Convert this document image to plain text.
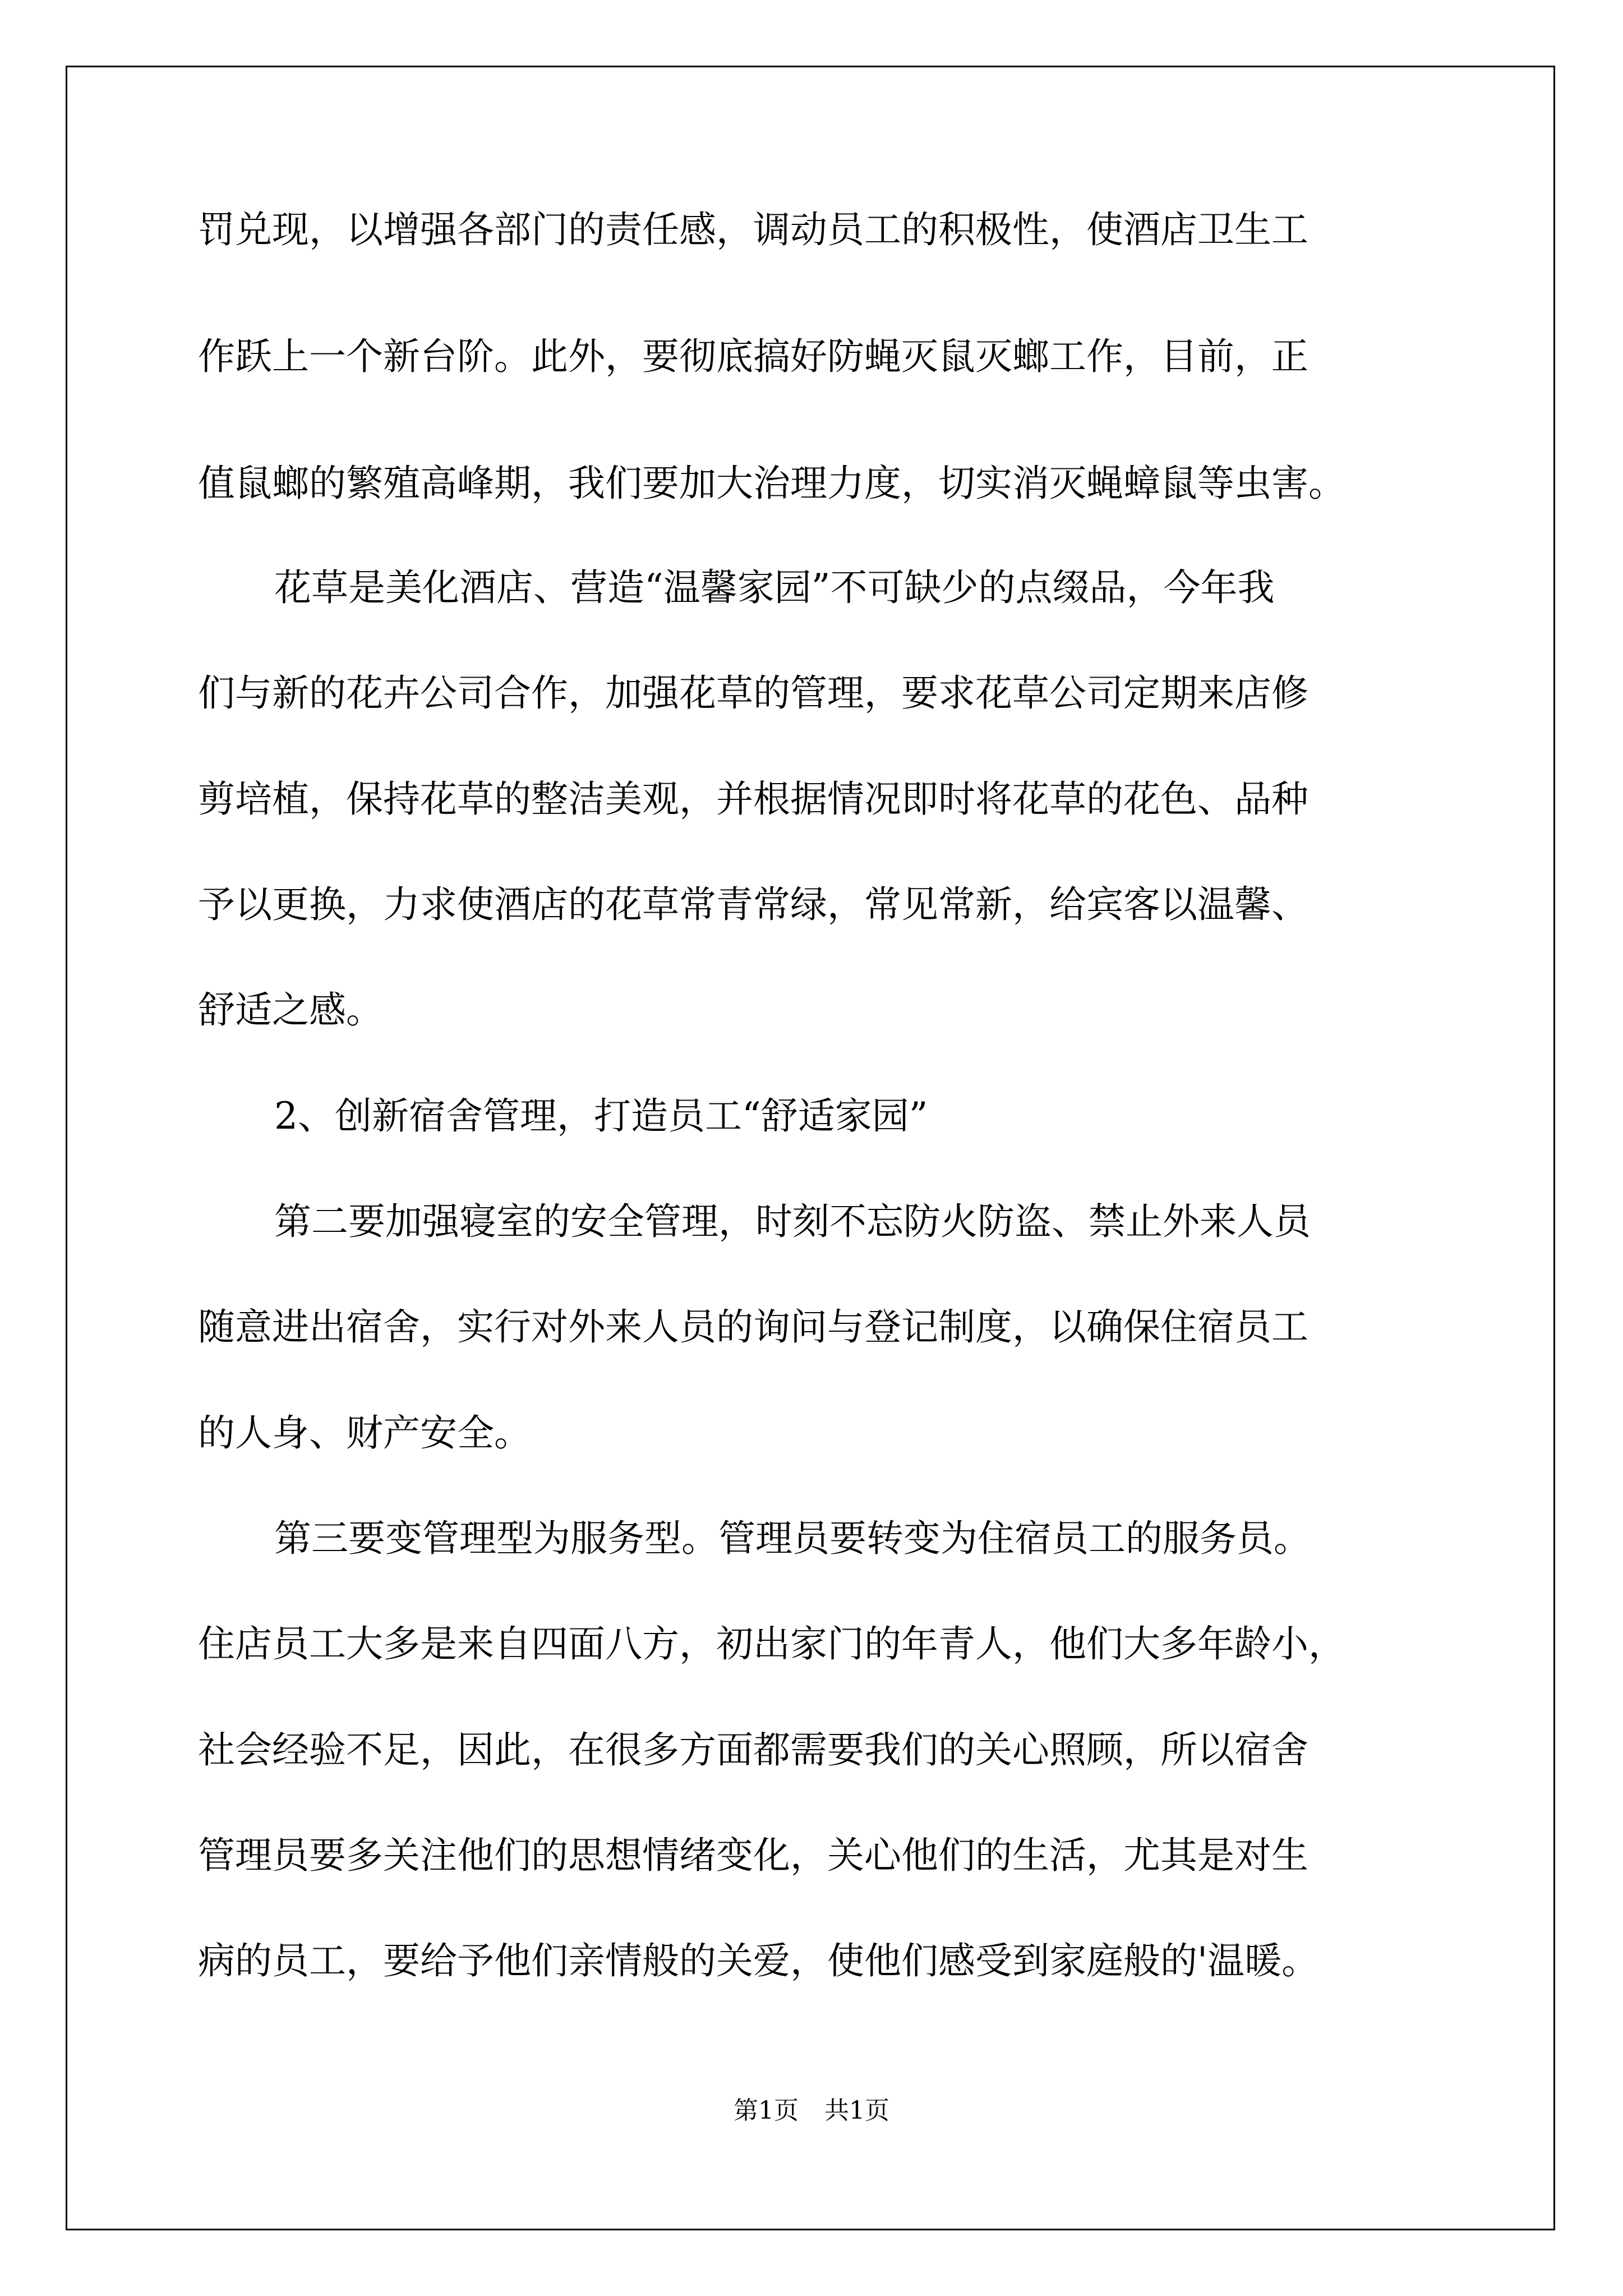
罚兑现，以增强各部门的责任感，调动员工的积极性，使酒店卫生工
作跃上一个新台阶。此外，要彻底搞好防蝇灭鼠灭螂工作，目前，正
值鼠螂的繁殖高峰期，我们要加大治理力度，切实消灭蝇蟑鼠等虫害。
花草是美化酒店、营造“温馨家园”不可缺少的点缀品，今年我
们与新的花卉公司合作，加强花草的管理，要求花草公司定期来店修
剪培植，保持花草的整洁美观，并根据情况即时将花草的花色、品种
予以更换，力求使酒店的花草常青常绿，常见常新，给宾客以温馨、
舒适之感。
2、创新宿舍管理，打造员工“舒适家园”
第二要加强寝室的安全管理，时刻不忘防火防盗、禁止外来人员
随意进出宿舍，实行对外来人员的询问与登记制度，以确保住宿员工
的人身、财产安全。
第三要变管理型为服务型。管理员要转变为住宿员工的服务员。
住店员工大多是来自四面八方，初出家门的年青人，他们大多年龄小，
社会经验不足，因此，在很多方面都需要我们的关心照顾，所以宿舍
管理员要多关注他们的思想情绪变化，关心他们的生活，尤其是对生
病的员工，要给予他们亲情般的关爱，使他们感受到家庭般的'温暖。
第1页 共1页
